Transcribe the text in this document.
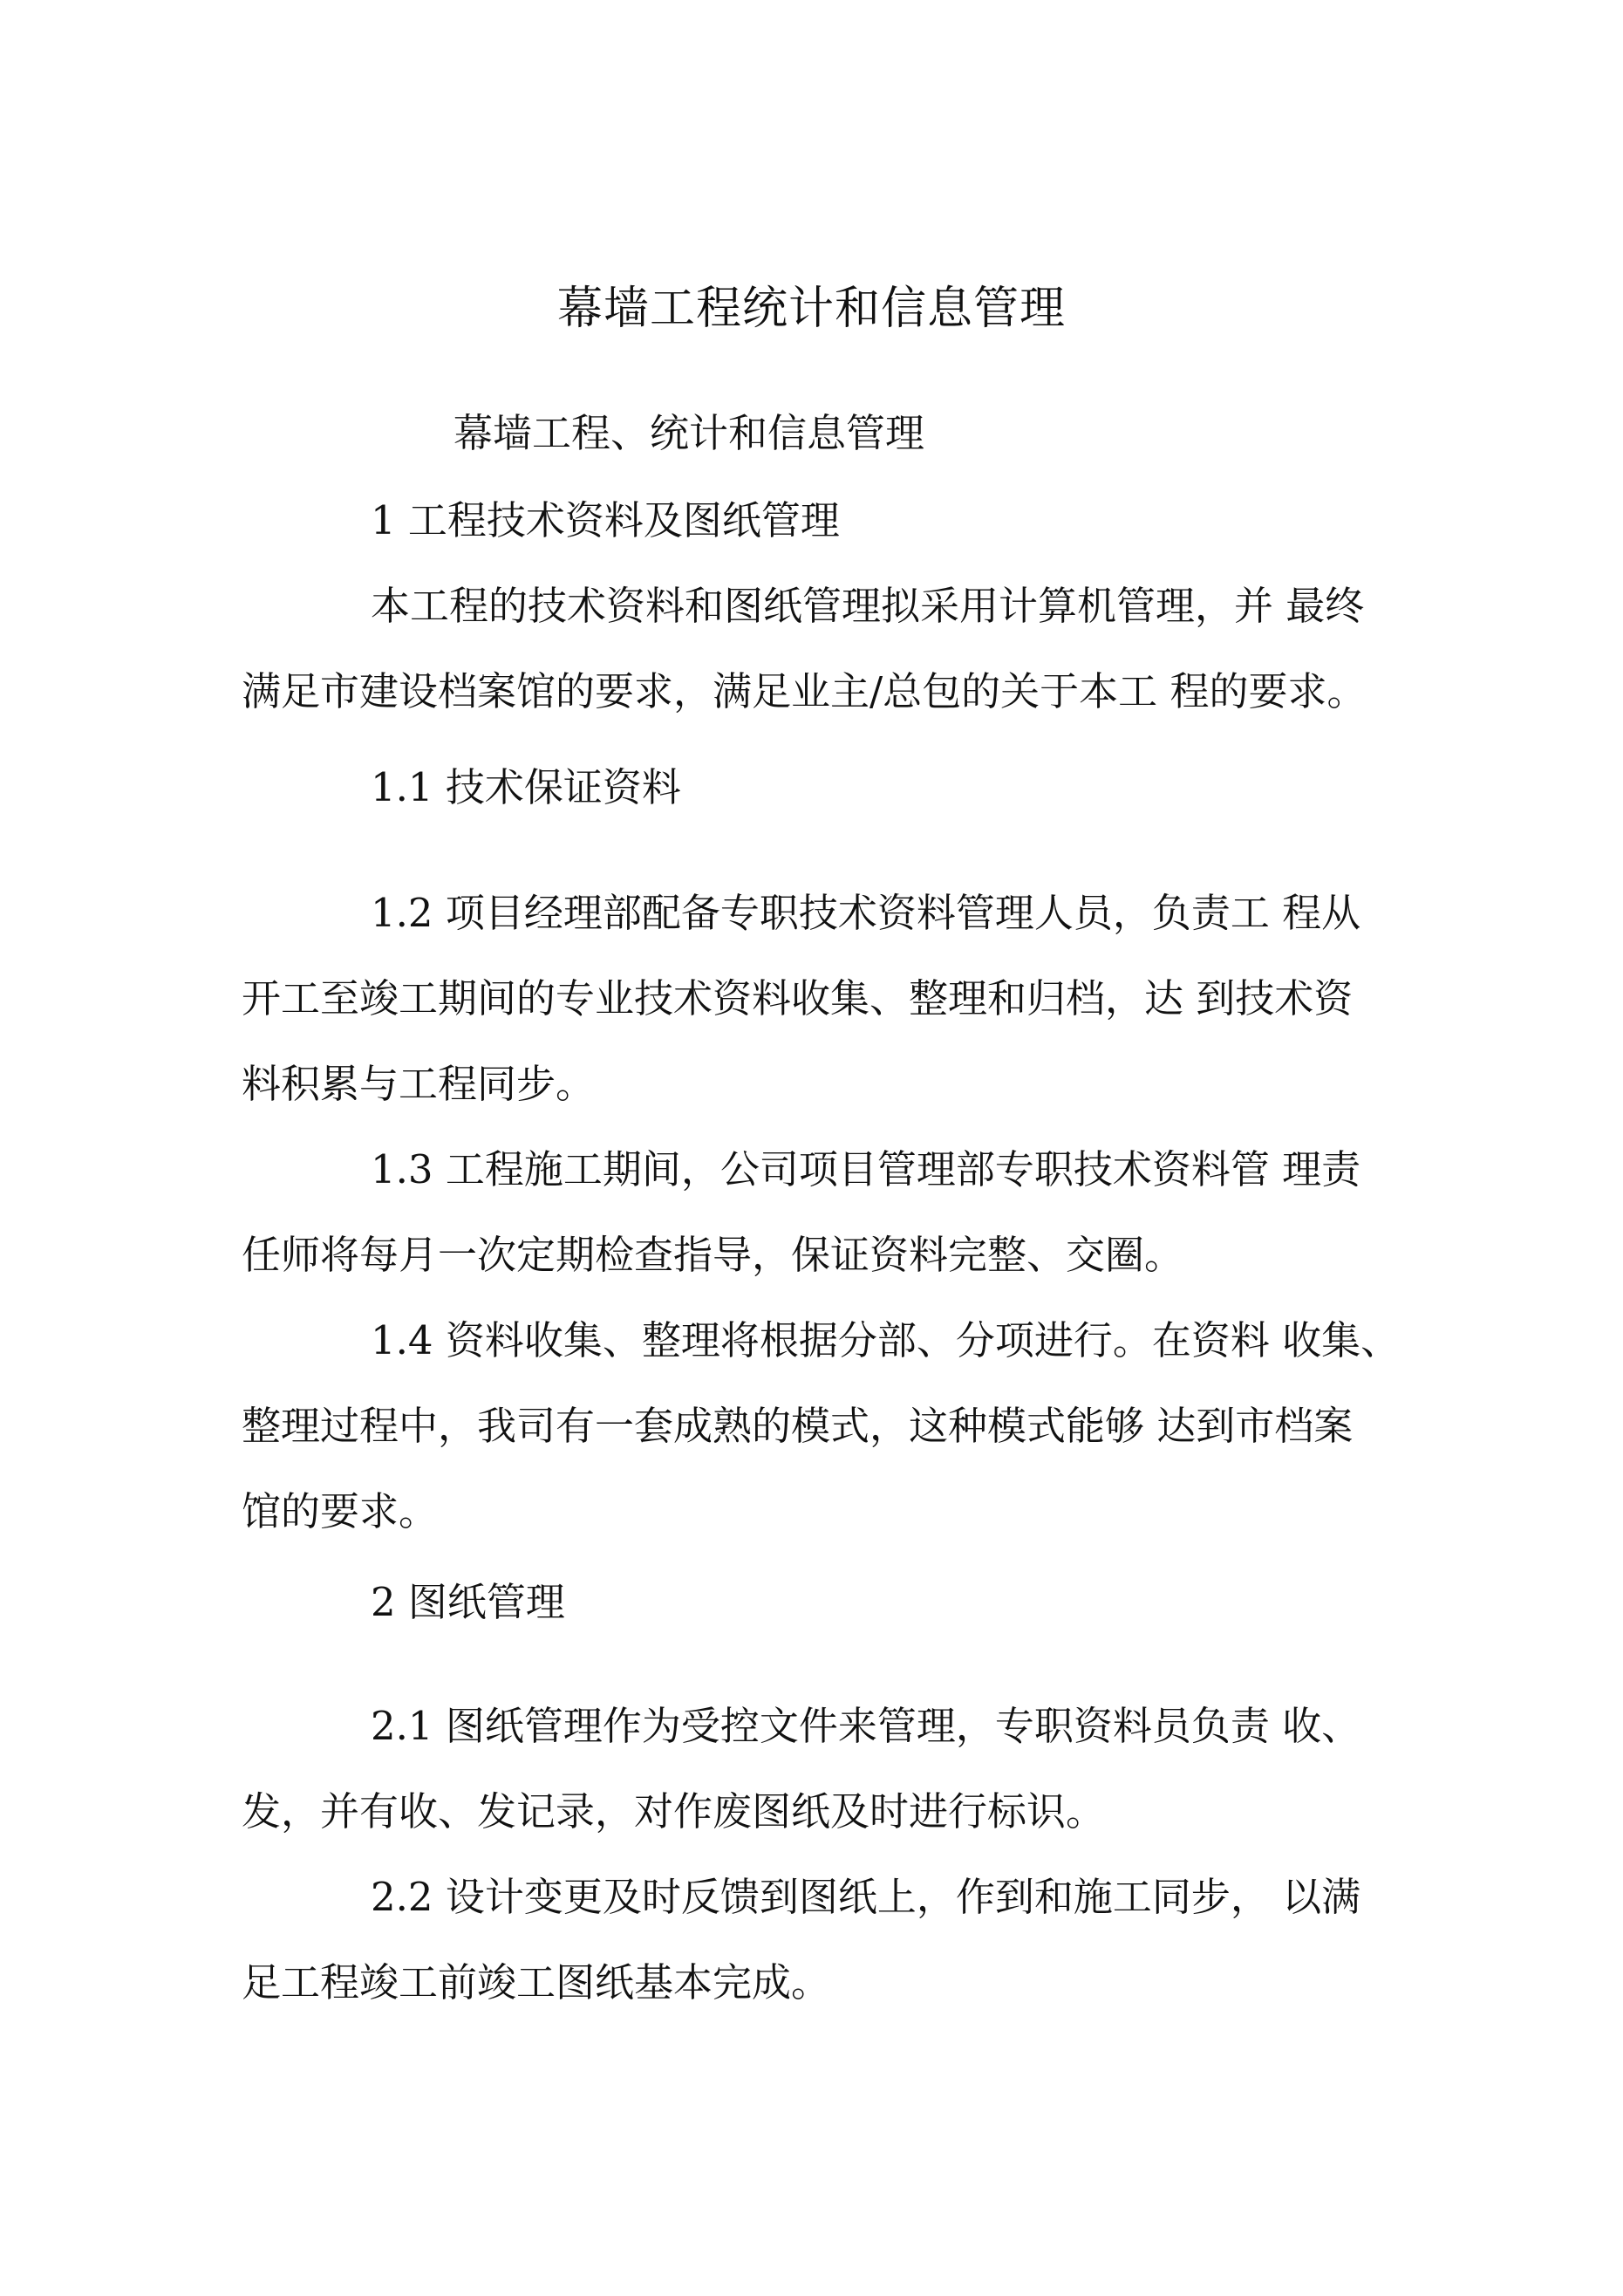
幕墙工程统计和信息管理
幕墙工程、统计和信息管理
1 工程技术资料及图纸管理
本工程的技术资料和图纸管理拟采用计算机管理，并 最终
满足市建设档案馆的要求，满足业主/总包的关于本工 程的要求。
1.1 技术保证资料
1.2 项目经理部配备专职技术资料管理人员，负责工 程从
开工至竣工期间的专业技术资料收集、整理和归档，达 到技术资
料积累与工程同步。
1.3 工程施工期间，公司项目管理部专职技术资料管 理责
任师将每月一次定期检查指导，保证资料完整、交圈。
1.4 资料收集、整理将根据分部、分项进行。在资料 收集、
整理过程中，我司有一套成熟的模式，这种模式能够 达到市档案
馆的要求。
2 图纸管理
2.1 图纸管理作为受控文件来管理，专职资料员负责 收、
发，并有收、发记录，对作废图纸及时进行标识。
2.2 设计变更及时反馈到图纸上，作到和施工同步， 以满
足工程竣工前竣工图纸基本完成。
